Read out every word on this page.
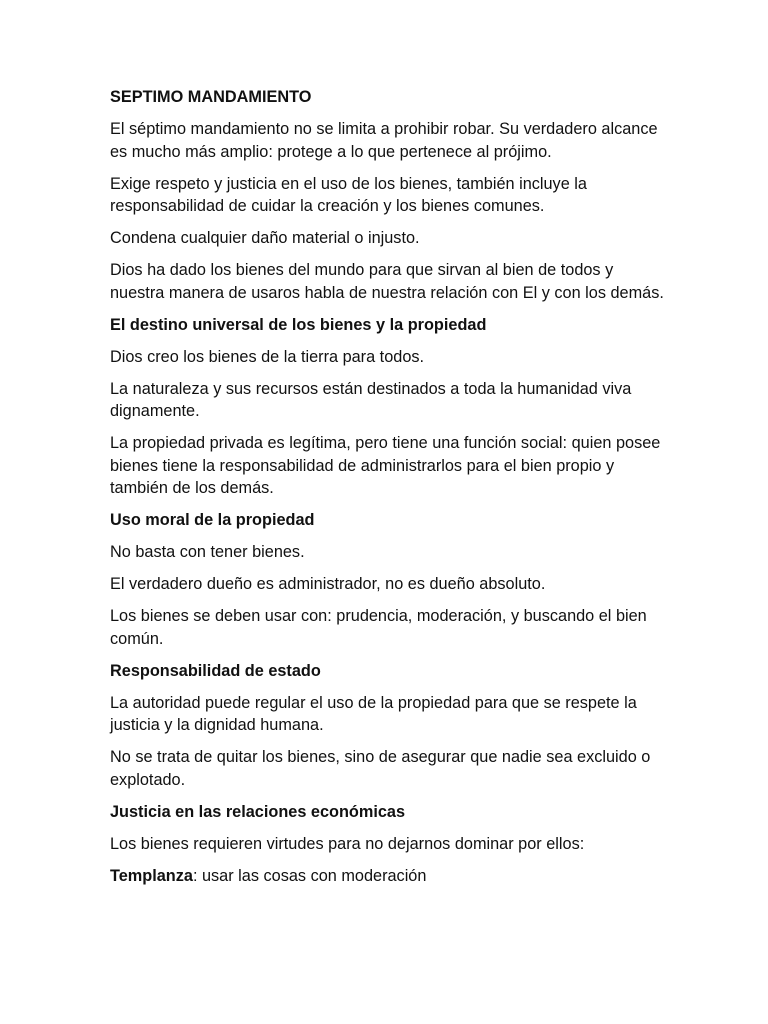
SEPTIMO MANDAMIENTO

El séptimo mandamiento no se limita a prohibir robar. Su verdadero alcance es mucho más amplio: protege a lo que pertenece al prójimo.

Exige respeto y justicia en el uso de los bienes, también incluye la responsabilidad de cuidar la creación y los bienes comunes.

Condena cualquier daño material o injusto.

Dios ha dado los bienes del mundo para que sirvan al bien de todos y nuestra manera de usaros habla de nuestra relación con El y con los demás.

El destino universal de los bienes y la propiedad

Dios creo los bienes de la tierra para todos.

La naturaleza y sus recursos están destinados a toda la humanidad viva dignamente.

La propiedad privada es legítima, pero tiene una función social: quien posee bienes tiene la responsabilidad de administrarlos para el bien propio y también de los demás.

Uso moral de la propiedad

No basta con tener bienes.

El verdadero dueño es administrador, no es dueño absoluto.

Los bienes se deben usar con: prudencia, moderación, y buscando el bien común.

Responsabilidad de estado

La autoridad puede regular el uso de la propiedad para que se respete la justicia y la dignidad humana.

No se trata de quitar los bienes, sino de asegurar que nadie sea excluido o explotado.

Justicia en las relaciones económicas

Los bienes requieren virtudes para no dejarnos dominar por ellos:

Templanza: usar las cosas con moderación
